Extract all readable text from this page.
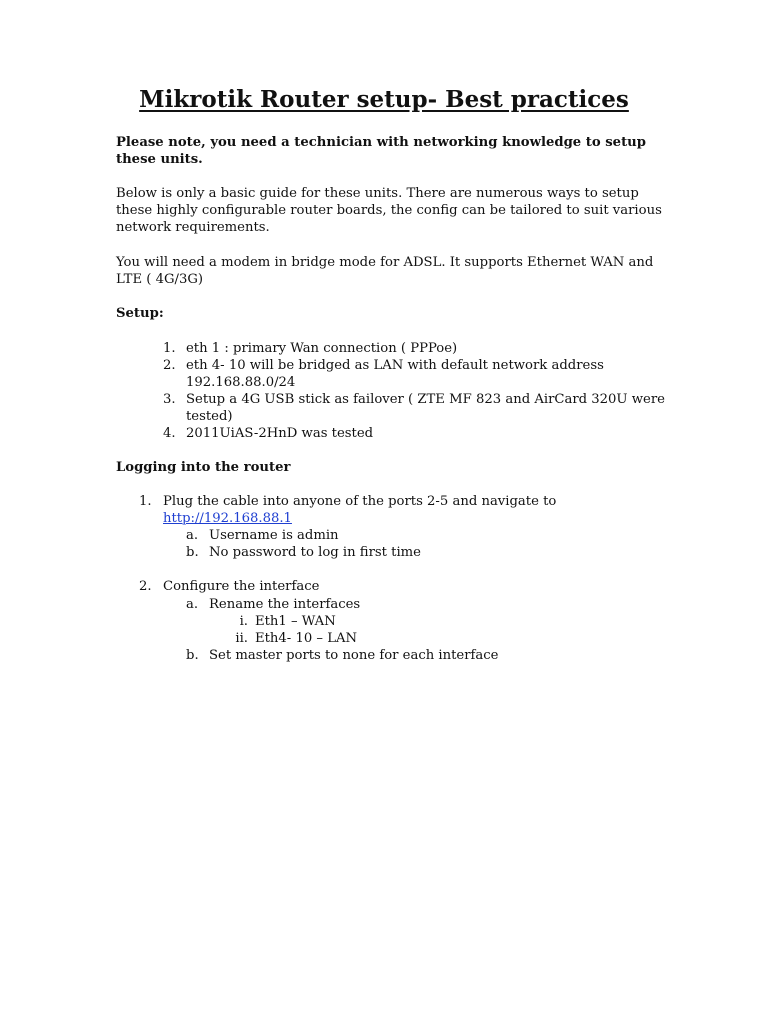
Mikrotik Router setup- Best practices
Please note, you need a technician with networking knowledge to setup
these units.
Below is only a basic guide for these units. There are numerous ways to setup
these highly configurable router boards, the config can be tailored to suit various
network requirements.
You will need a modem in bridge mode for ADSL. It supports Ethernet WAN and
LTE ( 4G/3G)
Setup:
1. eth 1 : primary Wan connection ( PPPoe)
2. eth 4- 10 will be bridged as LAN with default network address
192.168.88.0/24
3. Setup a 4G USB stick as failover ( ZTE MF 823 and AirCard 320U were
tested)
4. 2011UiAS-2HnD was tested
Logging into the router
1. Plug the cable into anyone of the ports 2-5 and navigate to
http://192.168.88.1
a. Username is admin
b. No password to log in first time
2. Configure the interface
a. Rename the interfaces
i. Eth1 – WAN
ii. Eth4- 10 – LAN
b. Set master ports to none for each interface
